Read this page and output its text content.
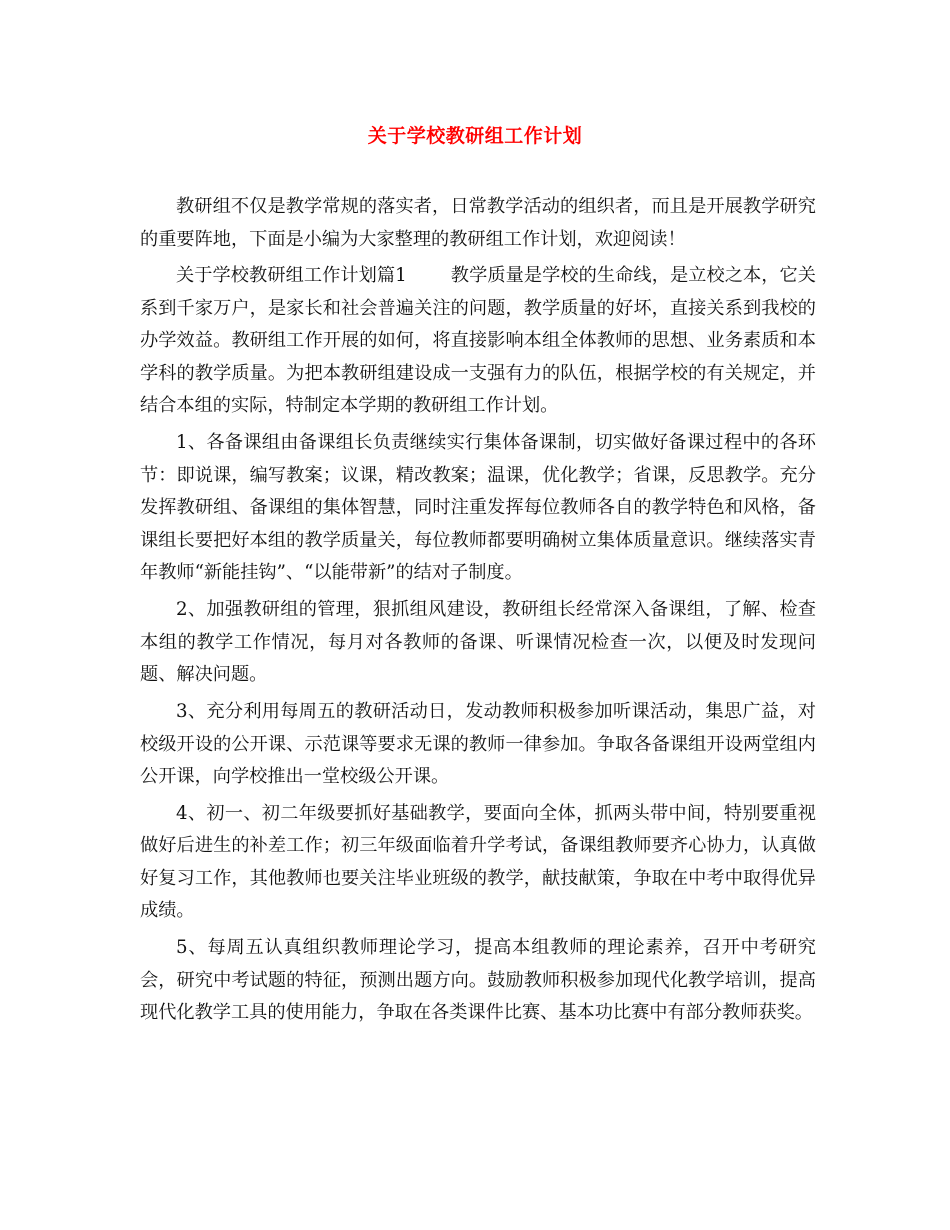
关于学校教研组工作计划

教研组不仅是教学常规的落实者，日常教学活动的组织者，而且是开展教学研究的重要阵地，下面是小编为大家整理的教研组工作计划，欢迎阅读！

关于学校教研组工作计划篇1 教学质量是学校的生命线，是立校之本，它关系到千家万户，是家长和社会普遍关注的问题，教学质量的好坏，直接关系到我校的办学效益。教研组工作开展的如何，将直接影响本组全体教师的思想、业务素质和本学科的教学质量。为把本教研组建设成一支强有力的队伍，根据学校的有关规定，并结合本组的实际，特制定本学期的教研组工作计划。

1、各备课组由备课组长负责继续实行集体备课制，切实做好备课过程中的各环节：即说课，编写教案；议课，精改教案；温课，优化教学；省课，反思教学。充分发挥教研组、备课组的集体智慧，同时注重发挥每位教师各自的教学特色和风格，备课组长要把好本组的教学质量关，每位教师都要明确树立集体质量意识。继续落实青年教师“新能挂钩”、“以能带新”的结对子制度。

2、加强教研组的管理，狠抓组风建设，教研组长经常深入备课组，了解、检查本组的教学工作情况，每月对各教师的备课、听课情况检查一次，以便及时发现问题、解决问题。

3、充分利用每周五的教研活动日，发动教师积极参加听课活动，集思广益，对校级开设的公开课、示范课等要求无课的教师一律参加。争取各备课组开设两堂组内公开课，向学校推出一堂校级公开课。

4、初一、初二年级要抓好基础教学，要面向全体，抓两头带中间，特别要重视做好后进生的补差工作；初三年级面临着升学考试，备课组教师要齐心协力，认真做好复习工作，其他教师也要关注毕业班级的教学，献技献策，争取在中考中取得优异成绩。

5、每周五认真组织教师理论学习，提高本组教师的理论素养，召开中考研究会，研究中考试题的特征，预测出题方向。鼓励教师积极参加现代化教学培训，提高现代化教学工具的使用能力，争取在各类课件比赛、基本功比赛中有部分教师获奖。
